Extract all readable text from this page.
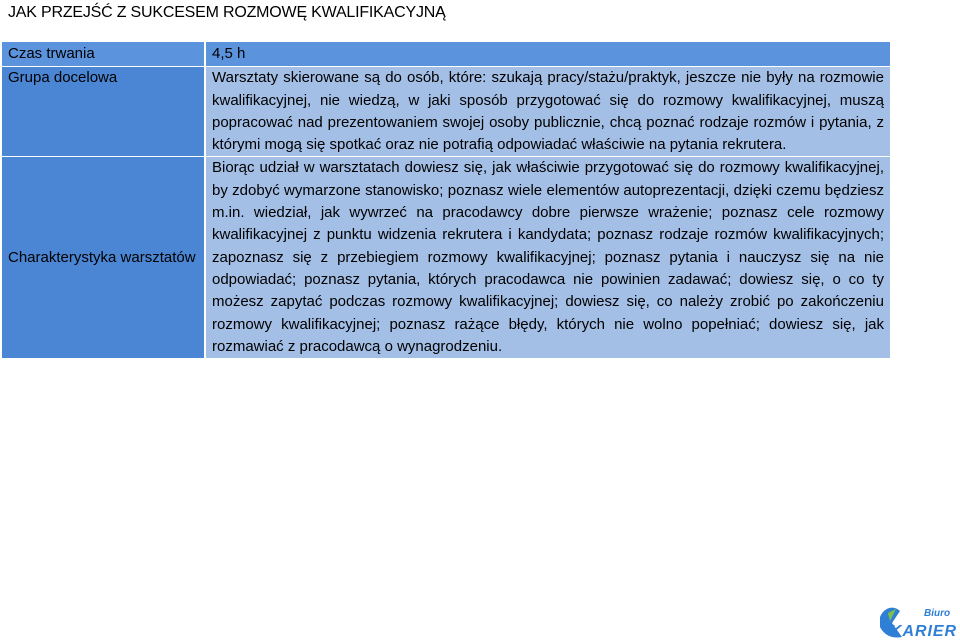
JAK PRZEJŚĆ Z SUKCESEM ROZMOWĘ KWALIFIKACYJNĄ
Czas trwania	4,5 h
Grupa docelowa	Warsztaty skierowane są do osób, które: szukają pracy/stażu/praktyk, jeszcze nie były na rozmowie kwalifikacyjnej, nie wiedzą, w jaki sposób przygotować się do rozmowy kwalifikacyjnej, muszą popracować nad prezentowaniem swojej osoby publicznie, chcą poznać rodzaje rozmów i pytania, z którymi mogą się spotkać oraz nie potrafią odpowiadać właściwie na pytania rekrutera.

Charakterystyka warsztatów	Biorąc udział w warsztatach dowiesz się, jak właściwie przygotować się do rozmowy kwalifikacyjnej, by zdobyć wymarzone stanowisko; poznasz wiele elementów autoprezentacji, dzięki czemu będziesz m.in. wiedział, jak wywrzeć na pracodawcy dobre pierwsze wrażenie; poznasz cele rozmowy kwalifikacyjnej z punktu widzenia rekrutera i kandydata; poznasz rodzaje rozmów kwalifikacyjnych; zapoznasz się z przebiegiem rozmowy kwalifikacyjnej; poznasz pytania i nauczysz się na nie odpowiadać; poznasz pytania, których pracodawca nie powinien zadawać; dowiesz się, o co ty możesz zapytać podczas rozmowy kwalifikacyjnej; dowiesz się, co należy zrobić po zakończeniu rozmowy kwalifikacyjnej; poznasz rażące błędy, których nie wolno popełniać; dowiesz się, jak rozmawiać z pracodawcą o wynagrodzeniu.

Biuro
KARIER
